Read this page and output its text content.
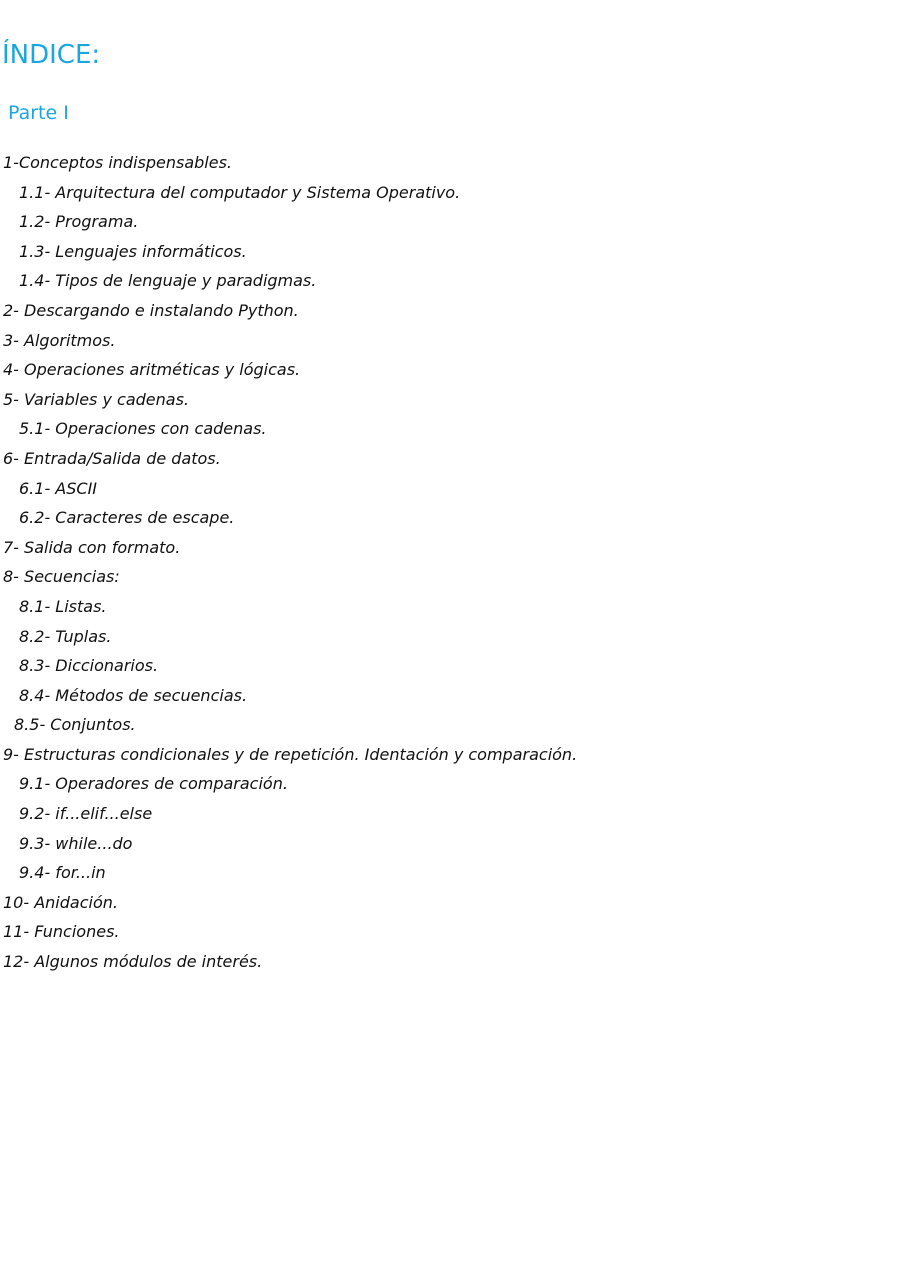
ÍNDICE:
Parte I
1-Conceptos indispensables.
1.1- Arquitectura del computador y Sistema Operativo.
1.2- Programa.
1.3- Lenguajes informáticos.
1.4- Tipos de lenguaje y paradigmas.
2- Descargando e instalando Python.
3- Algoritmos.
4- Operaciones aritméticas y lógicas.
5- Variables y cadenas.
5.1- Operaciones con cadenas.
6- Entrada/Salida de datos.
6.1- ASCII
6.2- Caracteres de escape.
7- Salida con formato.
8- Secuencias:
8.1- Listas.
8.2- Tuplas.
8.3- Diccionarios.
8.4- Métodos de secuencias.
8.5- Conjuntos.
9- Estructuras condicionales y de repetición. Identación y comparación.
9.1- Operadores de comparación.
9.2- if...elif...else
9.3- while...do
9.4- for...in
10- Anidación.
11- Funciones.
12- Algunos módulos de interés.
